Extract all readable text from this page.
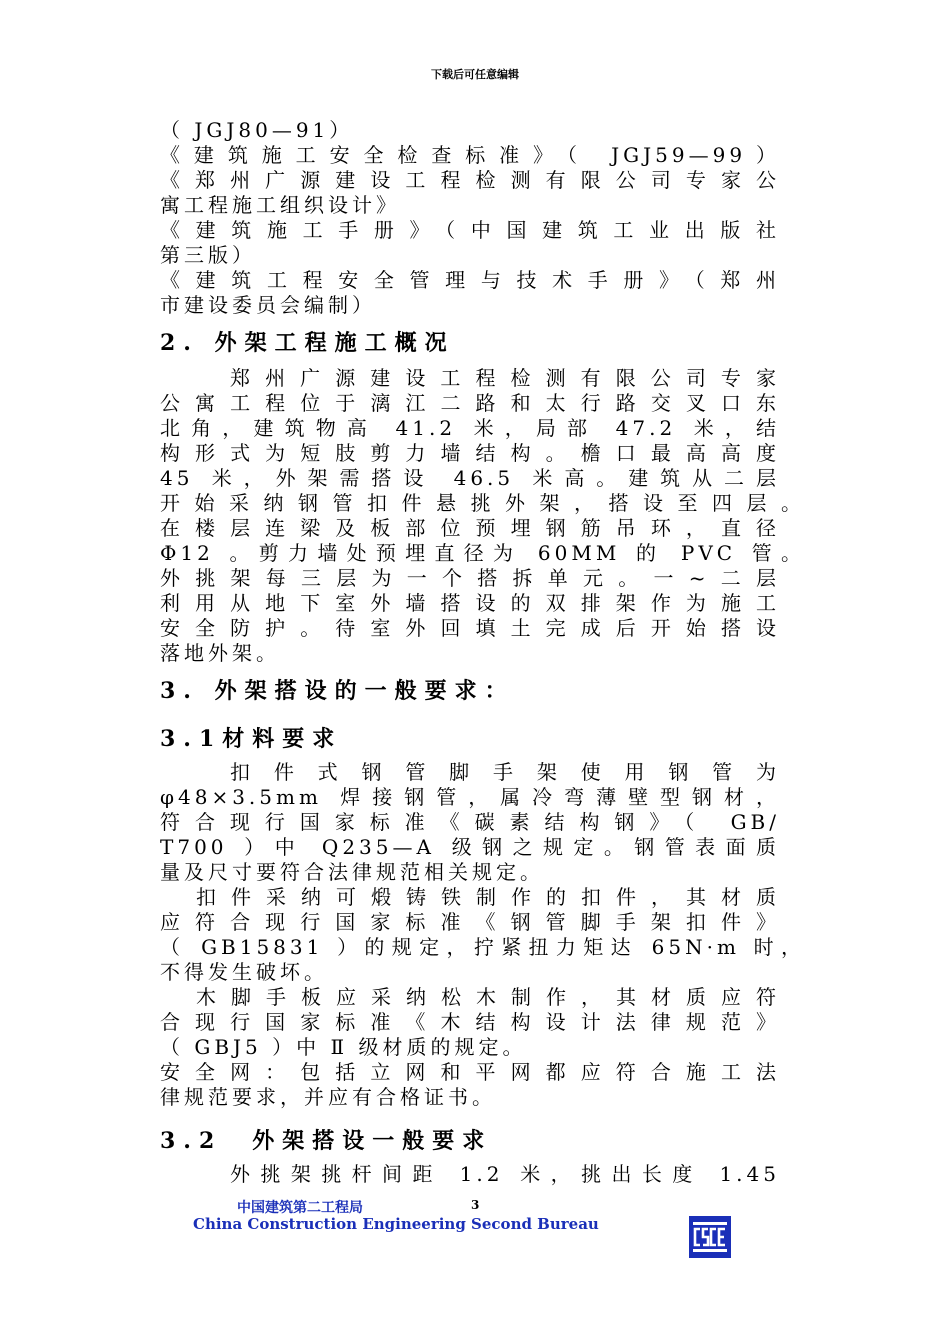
下载后可任意编辑
（ JGJ80—91）
《建筑施工安全检查标准》（ JGJ59—99）
《郑州广源建设工程检测有限公司专家公
寓工程施工组织设计》
《建筑施工手册》（中国建筑工业出版社
第三版）
《建筑工程安全管理与技术手册》（郑州
市建设委员会编制）
2. 外架工程施工概况
郑州广源建设工程检测有限公司专家
公寓工程位于漓江二路和太行路交叉口东
北角，建筑物高 41.2 米，局部 47.2 米，结
构形式为短肢剪力墙结构。檐口最高高度
45 米，外架需搭设 46.5 米高。建筑从二层
开始采纳钢管扣件悬挑外架，搭设至四层。
在楼层连梁及板部位预埋钢筋吊环，直径
Φ12 。剪力墙处预埋直径为 60MM 的 PVC 管。
外挑架每三层为一个搭拆单元。一~二层
利用从地下室外墙搭设的双排架作为施工
安全防护。待室外回填土完成后开始搭设
落地外架。
3. 外架搭设的一般要求：
3.1材料要求
扣件式钢管脚手架使用钢管为
φ48×3.5mm 焊接钢管，属冷弯薄壁型钢材，
符合现行国家标准《碳素结构钢》（ GB/
T700 ）中 Q235—A 级钢之规定。钢管表面质
量及尺寸要符合法律规范相关规定。
扣件采纳可煅铸铁制作的扣件，其材质
应符合现行国家标准《钢管脚手架扣件》
（ GB15831 ）的规定，拧紧扭力矩达 65N·m 时，
不得发生破坏。
木脚手板应采纳松木制作，其材质应符
合现行国家标准《木结构设计法律规范》
（ GBJ5 ）中 Ⅱ 级材质的规定。
安全网：包括立网和平网都应符合施工法
律规范要求，并应有合格证书。
3.2　外架搭设一般要求
外挑架挑杆间距 1.2 米，挑出长度 1.45
中国建筑第二工程局	3
China Construction Engineering Second Bureau
